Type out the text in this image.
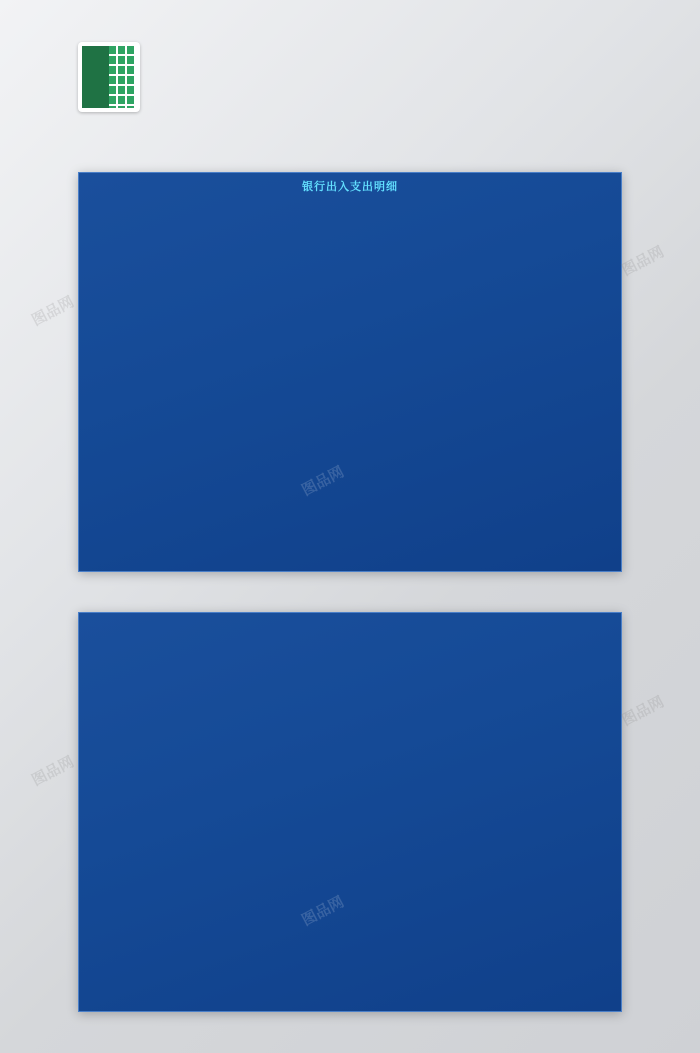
银行出入支出明细
图品网
图品网
图品网
图品网
图品网
图品网
